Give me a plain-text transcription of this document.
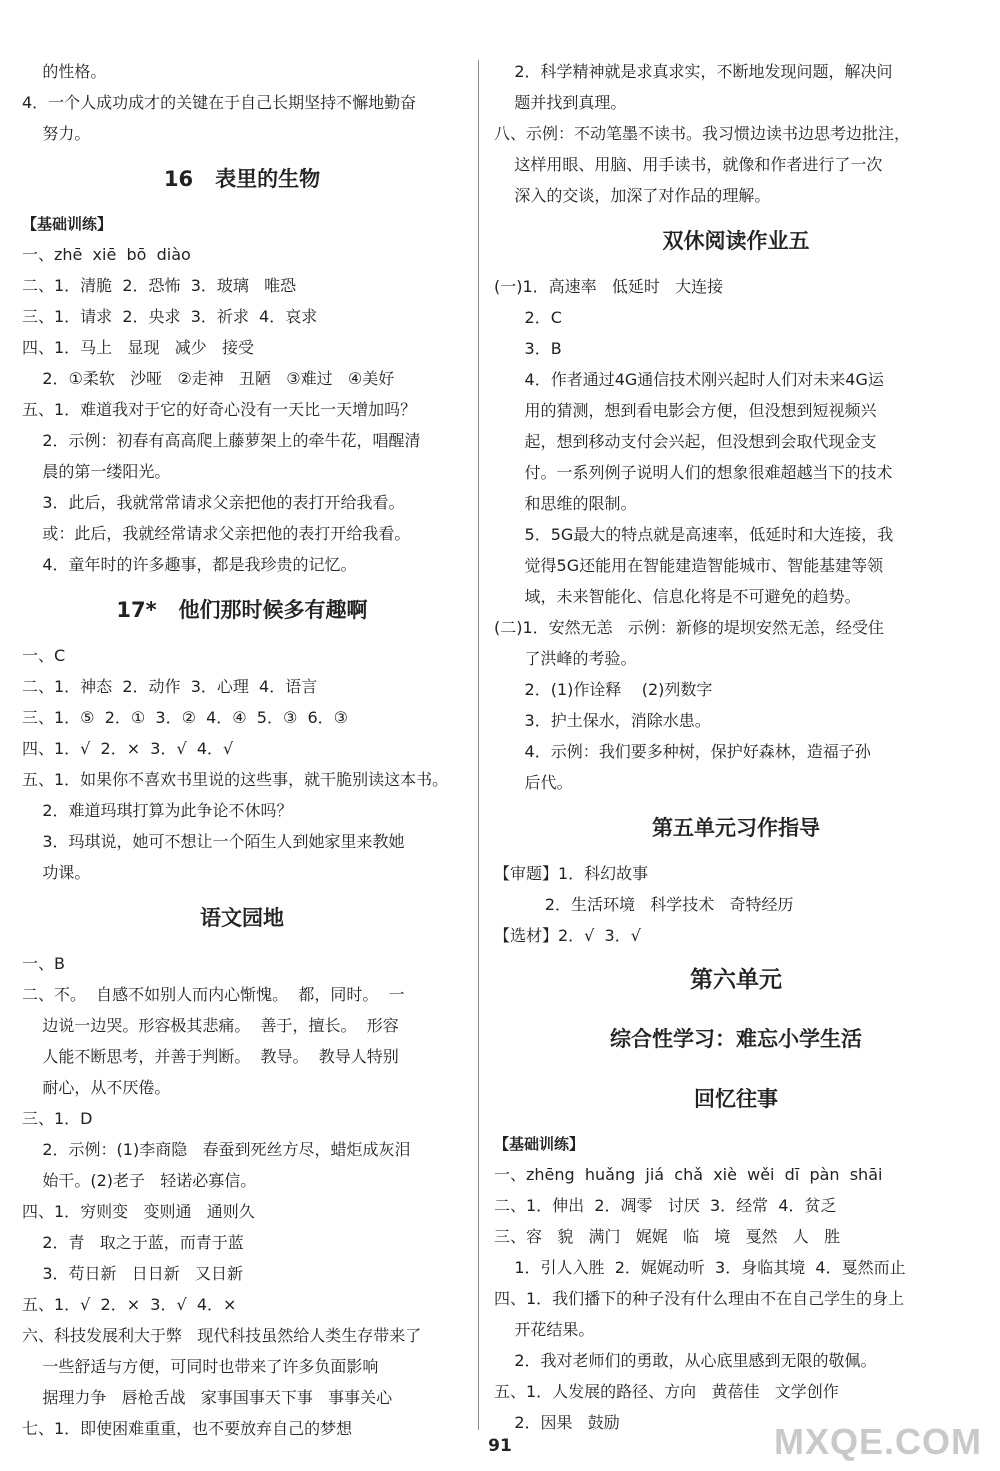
的性格。
4．一个人成功成才的关键在于自己长期坚持不懈地勤奋
努力。
16   表里的生物
【基础训练】
一、zhē  xiē  bō  diào
二、1．清脆  2．恐怖  3．玻璃   唯恐
三、1．请求  2．央求  3．祈求  4．哀求
四、1．马上   显现   减少   接受
2．①柔软   沙哑   ②走神   丑陋   ③难过   ④美好
五、1．难道我对于它的好奇心没有一天比一天增加吗？
2．示例：初春有高高爬上藤萝架上的牵牛花，唱醒清
晨的第一缕阳光。
3．此后，我就常常请求父亲把他的表打开给我看。
或：此后，我就经常请求父亲把他的表打开给我看。
4．童年时的许多趣事，都是我珍贵的记忆。
17*   他们那时候多有趣啊
一、C
二、1．神态  2．动作  3．心理  4．语言
三、1．⑤  2．①  3．②  4．④  5．③  6．③
四、1．√  2．×  3．√  4．√
五、1．如果你不喜欢书里说的这些事，就干脆别读这本书。
2．难道玛琪打算为此争论不休吗？
3．玛琪说，她可不想让一个陌生人到她家里来教她
功课。
语文园地
一、B
二、不。  自感不如别人而内心惭愧。  都，同时。  一
边说一边哭。形容极其悲痛。  善于，擅长。  形容
人能不断思考，并善于判断。  教导。  教导人特别
耐心，从不厌倦。
三、1．D
2．示例：(1)李商隐   春蚕到死丝方尽，蜡炬成灰泪
始干。(2)老子   轻诺必寡信。
四、1．穷则变   变则通   通则久
2．青   取之于蓝，而青于蓝
3．苟日新   日日新   又日新
五、1．√  2．×  3．√  4．×
六、科技发展利大于弊   现代科技虽然给人类生存带来了
一些舒适与方便，可同时也带来了许多负面影响
据理力争   唇枪舌战   家事国事天下事   事事关心
七、1．即使困难重重，也不要放弃自己的梦想
2．科学精神就是求真求实，不断地发现问题，解决问
题并找到真理。
八、示例：不动笔墨不读书。我习惯边读书边思考边批注，
这样用眼、用脑、用手读书，就像和作者进行了一次
深入的交谈，加深了对作品的理解。
双休阅读作业五
(一)1．高速率   低延时   大连接
2．C
3．B
4．作者通过4G通信技术刚兴起时人们对未来4G运
用的猜测，想到看电影会方便，但没想到短视频兴
起，想到移动支付会兴起，但没想到会取代现金支
付。一系列例子说明人们的想象很难超越当下的技术
和思维的限制。
5．5G最大的特点就是高速率，低延时和大连接，我
觉得5G还能用在智能建造智能城市、智能基建等领
域，未来智能化、信息化将是不可避免的趋势。
(二)1．安然无恙   示例：新修的堤坝安然无恙，经受住
了洪峰的考验。
2．(1)作诠释    (2)列数字
3．护土保水，消除水患。
4．示例：我们要多种树，保护好森林，造福子孙
后代。
第五单元习作指导
【审题】1．科幻故事
2．生活环境   科学技术   奇特经历
【选材】2．√  3．√
第六单元
综合性学习：难忘小学生活
回忆往事
【基础训练】
一、zhēng  huǎng  jiá  chǎ  xiè  wěi  dī  pàn  shāi
二、1．伸出  2．凋零   讨厌  3．经常  4．贫乏
三、容   貌   满门   娓娓   临   境   戛然   人   胜
1．引人入胜  2．娓娓动听  3．身临其境  4．戛然而止
四、1．我们播下的种子没有什么理由不在自己学生的身上
开花结果。
2．我对老师们的勇敢，从心底里感到无限的敬佩。
五、1．人发展的路径、方向   黄蓓佳   文学创作
2．因果   鼓励
91	MXQE.COM
